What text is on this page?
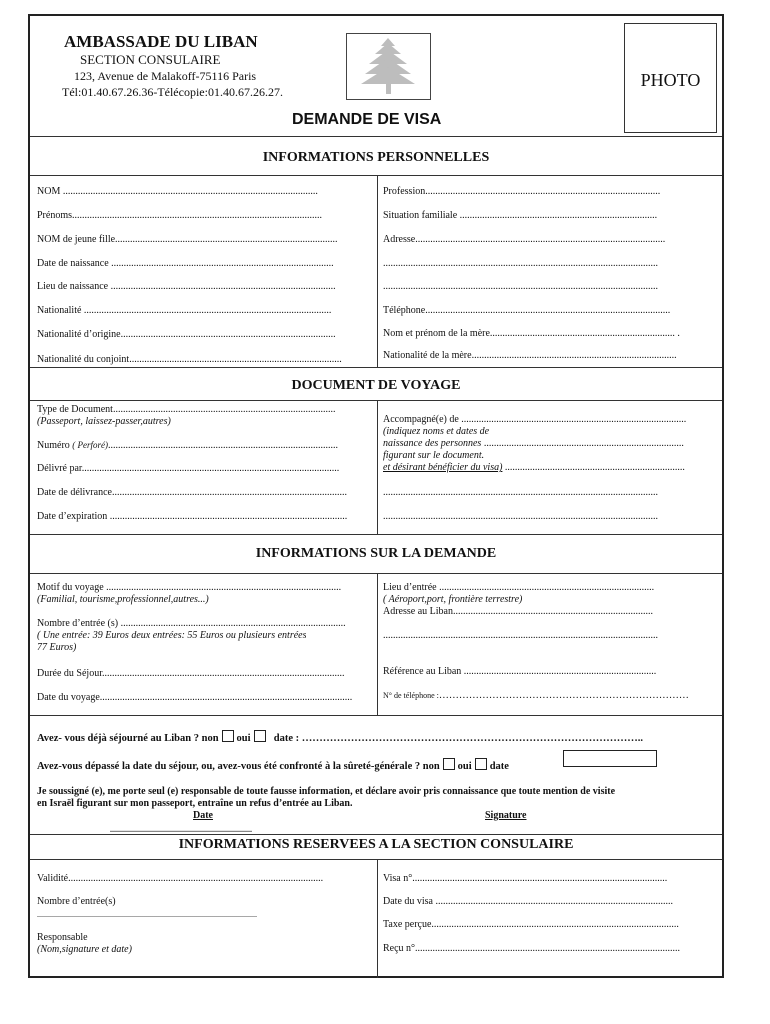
AMBASSADE DU LIBAN
SECTION CONSULAIRE
123, Avenue de Malakoff-75116 Paris
Tél:01.40.67.26.36-Télécopie:01.40.67.26.27.
PHOTO
DEMANDE DE VISA
INFORMATIONS PERSONNELLES
NOM ......................................................................................................
Prénoms....................................................................................................
NOM de jeune fille.........................................................................................
Date de naissance .........................................................................................
Lieu de naissance ..........................................................................................
Nationalité ...................................................................................................
Nationalité d’origine......................................................................................
Nationalité du conjoint.....................................................................................
Profession..............................................................................................
Situation familiale ...............................................................................
Adresse....................................................................................................
..............................................................................................................
..............................................................................................................
Téléphone..................................................................................................
Nom et prénom de la mère.......................................................................... .
Nationalité de la mère..................................................................................
DOCUMENT DE VOYAGE
Type de Document.........................................................................................
(Passeport, laissez-passer,autres)
Numéro ( Perforé)............................................................................................
Délivré par.......................................................................................................
Date de délivrance..............................................................................................
Date d’expiration ...............................................................................................
Accompagné(e) de ..........................................................................................
(indiquez noms et dates de
naissance des personnes ................................................................................
figurant sur le document.
et désirant bénéficier du visa) ........................................................................
..............................................................................................................
..............................................................................................................
INFORMATIONS SUR LA DEMANDE
Motif du voyage ..............................................................................................
(Familial, tourisme,professionnel,autres...)
Nombre d’entrée (s) ..........................................................................................
( Une entrée: 39 Euros deux entrées: 55 Euros ou plusieurs entrées
77 Euros)
Durée du Séjour.................................................................................................
Date du voyage.....................................................................................................
Lieu d’entrée ......................................................................................
( Aéroport,port, frontière terrestre)
Adresse au Liban................................................................................
..............................................................................................................
Référence au Liban .............................................................................
N° de téléphone :…………………………………………………………………
Avez- vous déjà séjourné au Liban ? non oui date : ……………………………………………………………………………………..
Avez-vous dépassé la date du séjour, ou, avez-vous été confronté à la sûreté-générale ? non oui date
Je soussigné (e), me porte seul (e) responsable de toute fausse information, et déclare avoir pris connaissance que toute mention de visite
en Israël figurant sur mon passeport, entraîne un refus d’entrée au Liban.
Date	Signature
.......................................................................
INFORMATIONS RESERVEES A LA SECTION CONSULAIRE
Validité......................................................................................................
Nombre d’entrée(s)
..............................................................................................................
Responsable
(Nom,signature et date)
Visa n°......................................................................................................
Date du visa ...............................................................................................
Taxe perçue...................................................................................................
Reçu n°..........................................................................................................
